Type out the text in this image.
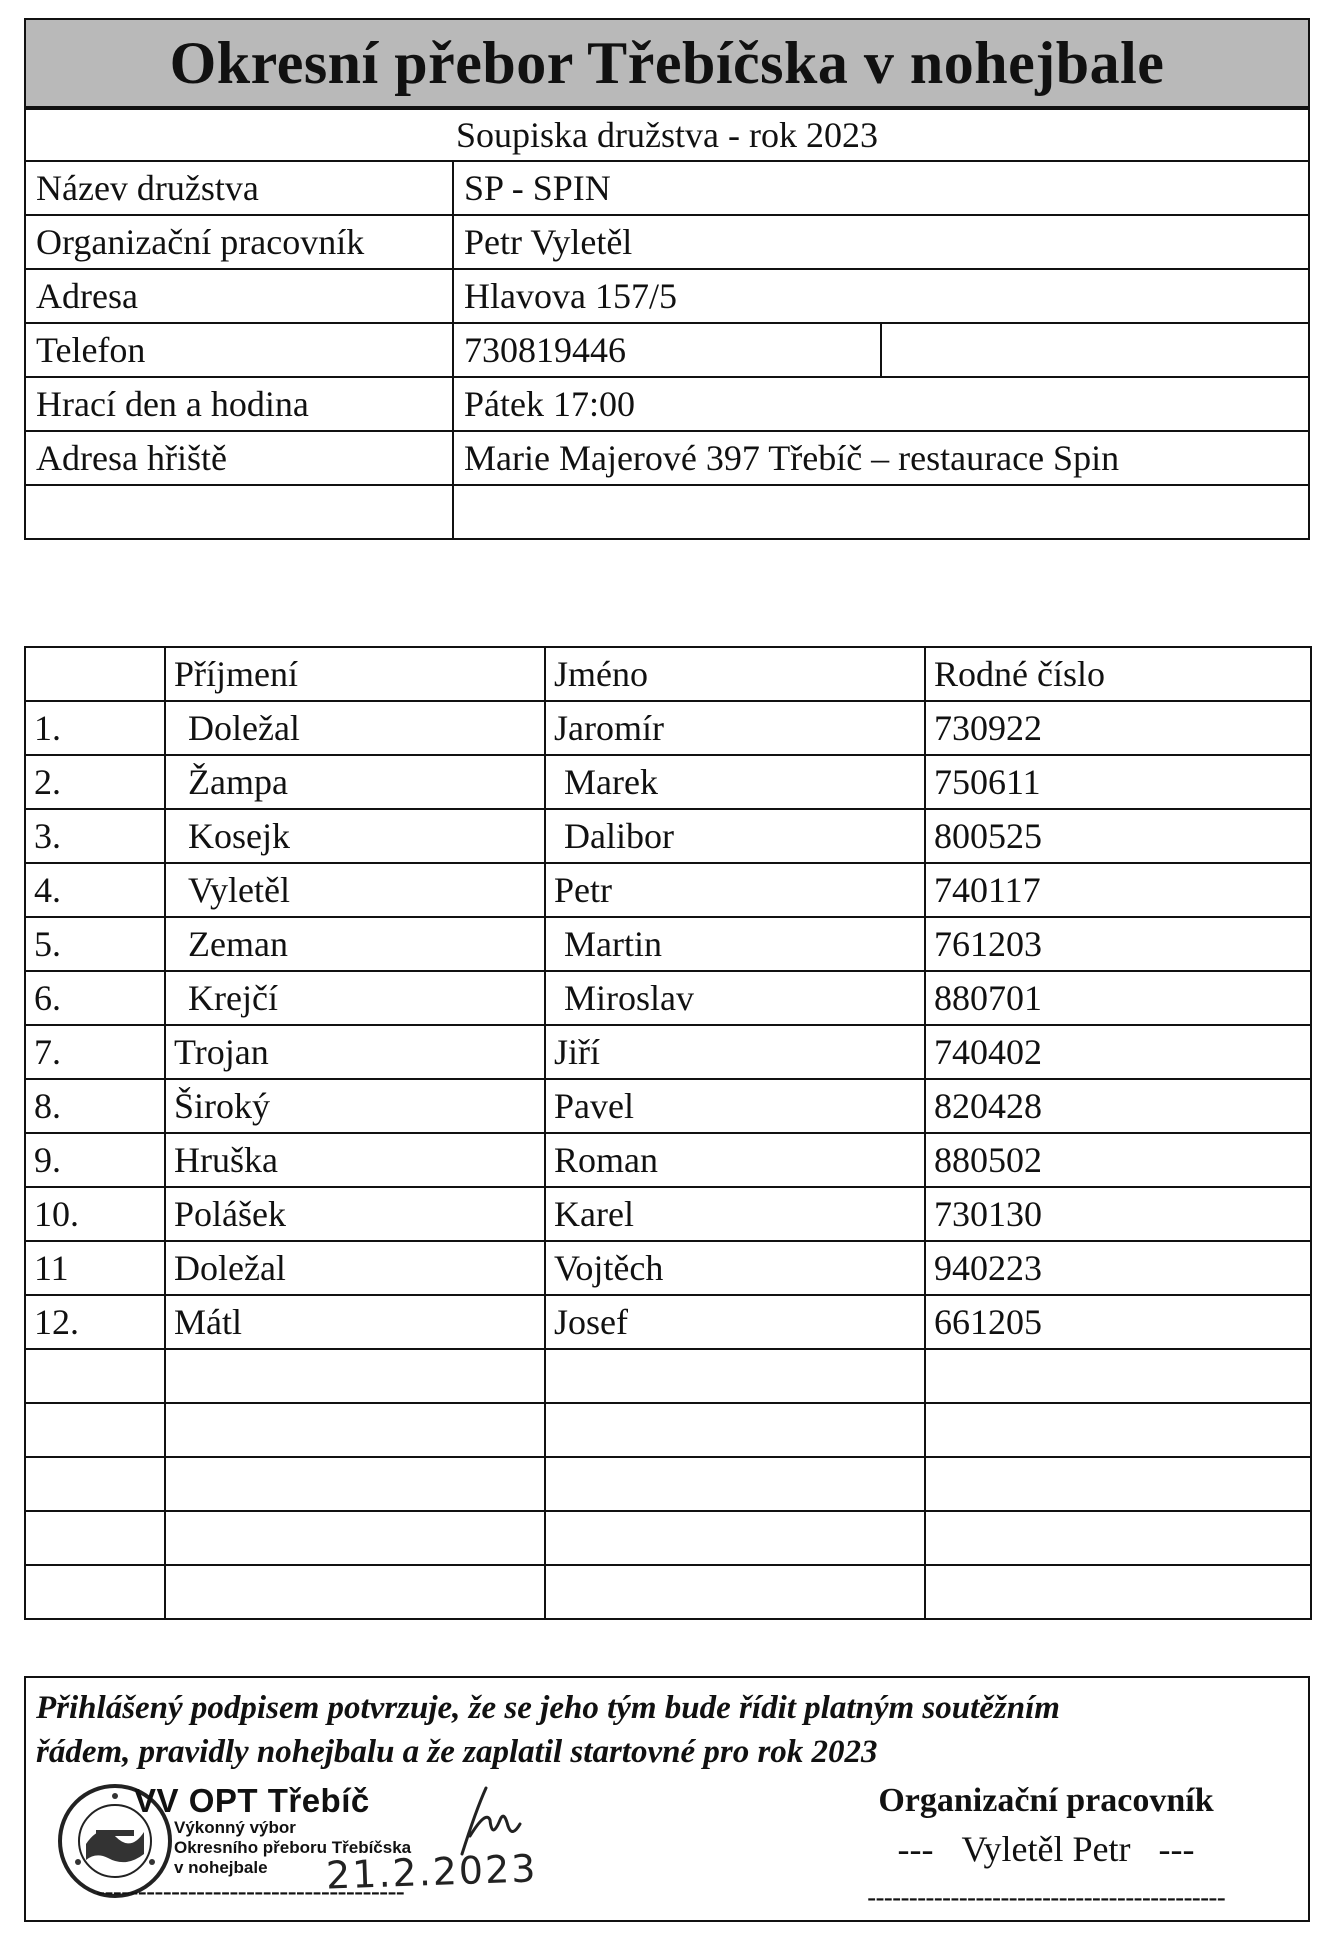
Okresní přebor Třebíčska v nohejbale
Soupiska družstva - rok 2023		
Název družstva	SP - SPIN	
Organizační pracovník	Petr Vyletěl	
Adresa	Hlavova 157/5	
Telefon	730819446	
Hrací den a hodina	Pátek 17:00	
Adresa hřiště	Marie Majerové 397 Třebíč – restaurace Spin	

	Příjmení	Jméno	Rodné číslo
1.	Doležal	Jaromír	730922
2.	Žampa	Marek	750611
3.	Kosejk	Dalibor	800525
4.	Vyletěl	Petr	740117
5.	Zeman	Martin	761203
6.	Krejčí	Miroslav	880701
7.	Trojan	Jiří	740402
8.	Široký	Pavel	820428
9.	Hruška	Roman	880502
10.	Polášek	Karel	730130
11	Doležal	Vojtěch	940223
12.	Mátl	Josef	661205

Přihlášený podpisem potvrzuje, že se jeho tým bude řídit platným soutěžním
řádem, pravidly nohejbalu a že zaplatil startovné pro rok 2023
VV OPT Třebíč
Výkonný výbor
Okresního přeboru Třebíčska
v nohejbale	21.2.2023
-------------------------------------
Organizační pracovník
--- Vyletěl Petr ---
-------------------------------------------
